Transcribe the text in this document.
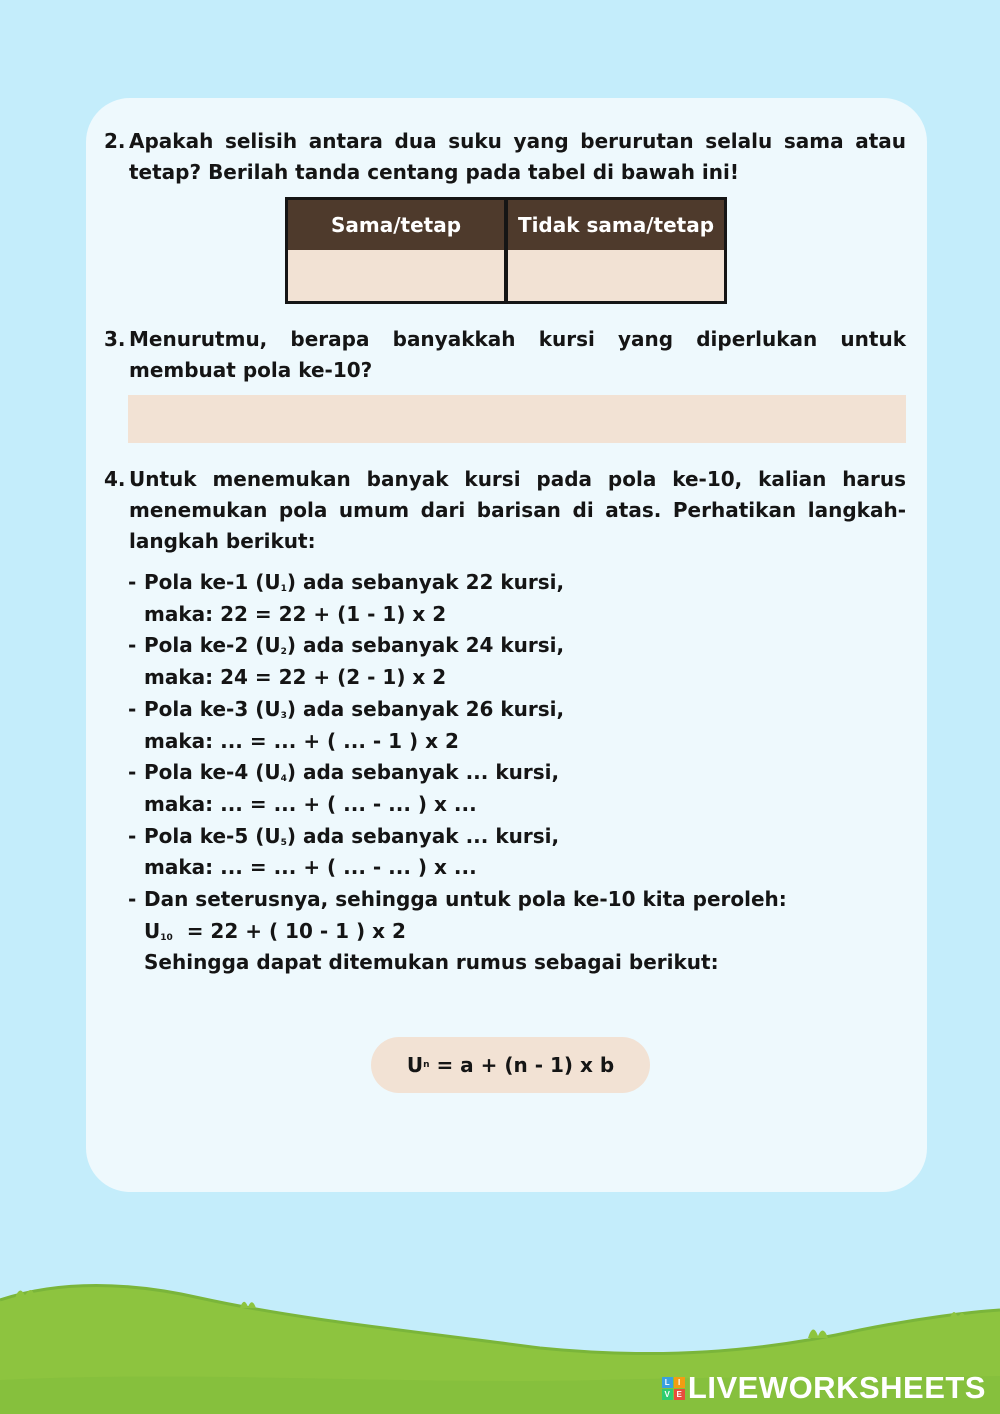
2. Apakah selisih antara dua suku yang berurutan selalu sama atau tetap? Berilah tanda centang pada tabel di bawah ini!
Sama/tetap	Tidak sama/tetap
3. Menurutmu, berapa banyakkah kursi yang diperlukan untuk membuat pola ke-10?
4. Untuk menemukan banyak kursi pada pola ke-10, kalian harus menemukan pola umum dari barisan di atas. Perhatikan langkah-langkah berikut:
- Pola ke-1 $(U_1)$ ada sebanyak 22 kursi,
maka: 22 = 22 + (1 - 1) x 2
- Pola ke-2 $(U_2)$ ada sebanyak 24 kursi,
maka: 24 = 22 + (2 - 1) x 2
- Pola ke-3 $(U_3)$ ada sebanyak 26 kursi,
maka: ... = ... + ( ... - 1 ) x 2
- Pola ke-4 $(U_4)$ ada sebanyak ... kursi,
maka: ... = ... + ( ... - ... ) x ...
- Pola ke-5 $(U_5)$ ada sebanyak ... kursi,
maka: ... = ... + ( ... - ... ) x ...
- Dan seterusnya, sehingga untuk pola ke-10 kita peroleh:
$U_{10} = 22$ + ( 10 - 1 ) x 2
Sehingga dapat ditemukan rumus sebagai berikut:
U n = a + (n - 1) x b
L I
V E LIVEWORKSHEETS
